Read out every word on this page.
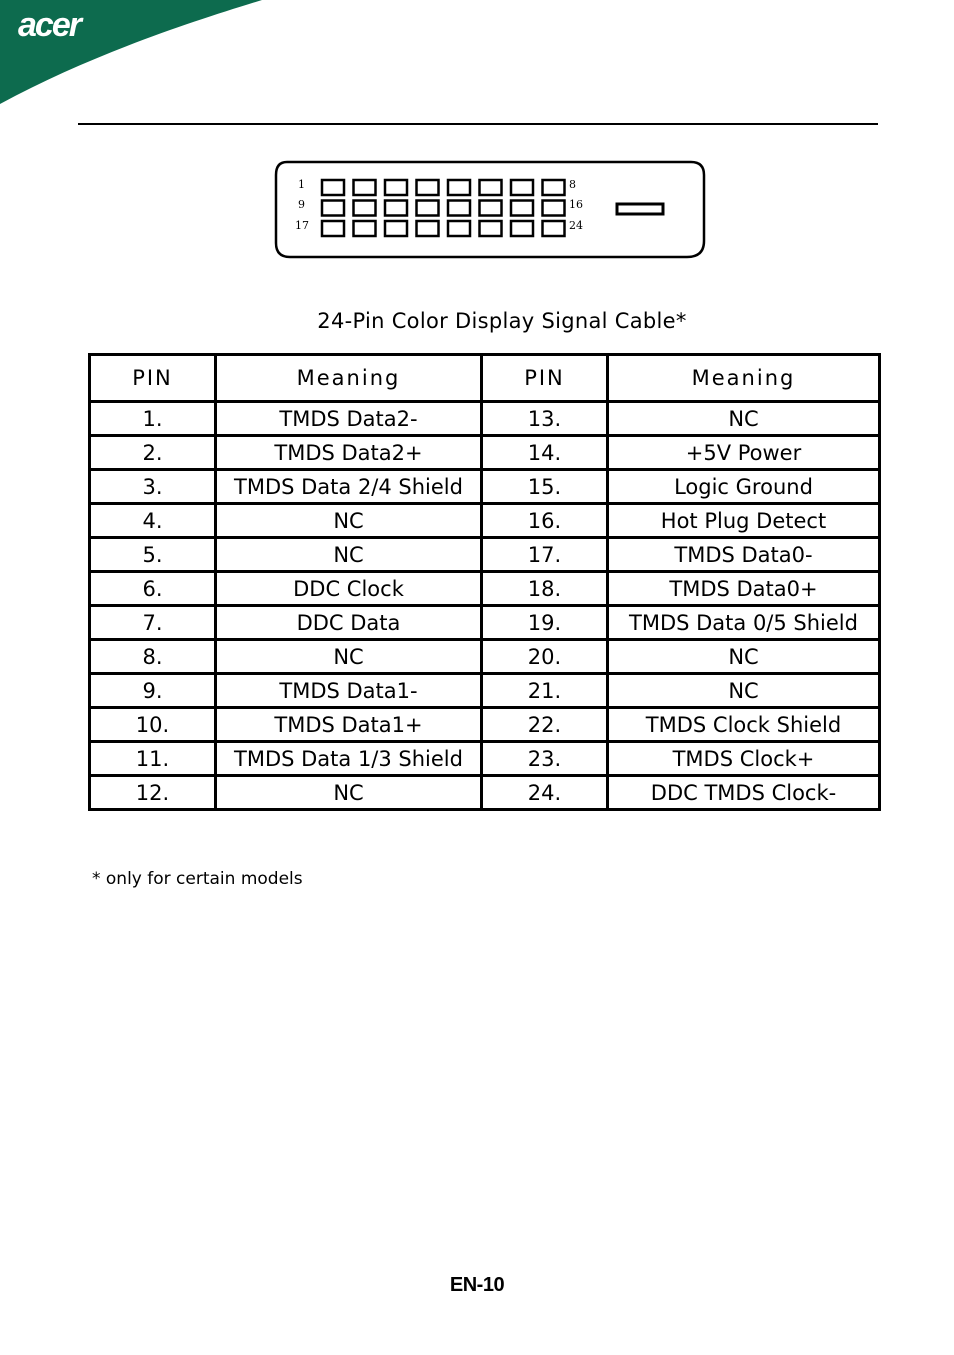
acer
1
9
17
8
16
24
24-Pin Color Display Signal Cable*
PIN	Meaning	PIN	Meaning
1.	TMDS Data2-	13.	NC
2.	TMDS Data2+	14.	+5V Power
3.	TMDS Data 2/4 Shield	15.	Logic Ground
4.	NC	16.	Hot Plug Detect
5.	NC	17.	TMDS Data0-
6.	DDC Clock	18.	TMDS Data0+
7.	DDC Data	19.	TMDS Data 0/5 Shield
8.	NC	20.	NC
9.	TMDS Data1-	21.	NC
10.	TMDS Data1+	22.	TMDS Clock Shield
11.	TMDS Data 1/3 Shield	23.	TMDS Clock+
12.	NC	24.	DDC TMDS Clock-
* only for certain models
EN-10
